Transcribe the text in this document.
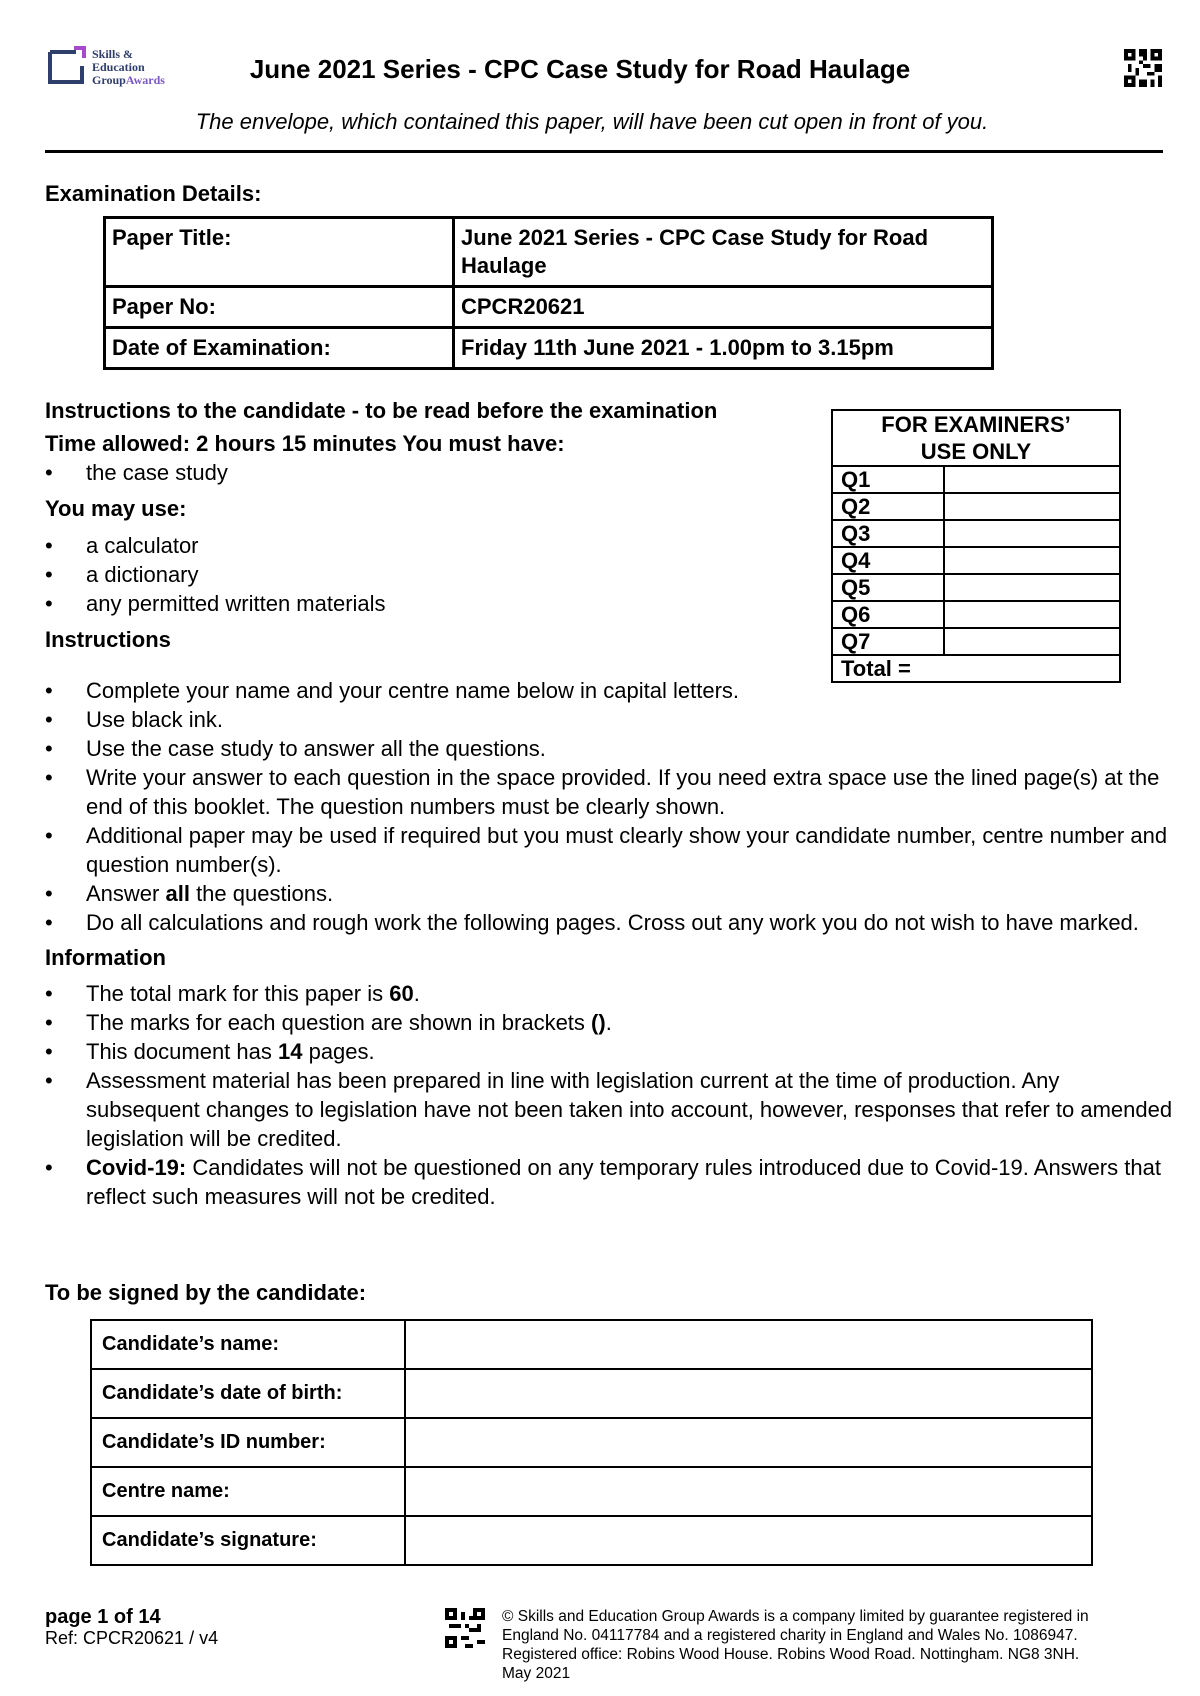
Skills &
Education
GroupAwards	June 2021 Series - CPC Case Study for Road Haulage
The envelope, which contained this paper, will have been cut open in front of you.
Examination Details:
Paper Title:	June 2021 Series - CPC Case Study for Road Haulage
Paper No:	CPCR20621
Date of Examination:	Friday 11th June 2021 - 1.00pm to 3.15pm
Instructions to the candidate - to be read before the examination
Time allowed: 2 hours 15 minutes You must have:
• the case study
You may use:
• a calculator
• a dictionary
• any permitted written materials
Instructions
FOR EXAMINERS’
USE ONLY	

Q1	
Q2	
Q3	
Q4	
Q5	
Q6	
Q7	
Total =	
• Complete your name and your centre name below in capital letters.
• Use black ink.
• Use the case study to answer all the questions.
• Write your answer to each question in the space provided. If you need extra space use the lined page(s) at the end of this booklet. The question numbers must be clearly shown.
• Additional paper may be used if required but you must clearly show your candidate number, centre number and question number(s).
• Answer all the questions.
• Do all calculations and rough work the following pages. Cross out any work you do not wish to have marked.
Information
• The total mark for this paper is 60.
• The marks for each question are shown in brackets ().
• This document has 14 pages.
• Assessment material has been prepared in line with legislation current at the time of production. Any subsequent changes to legislation have not been taken into account, however, responses that refer to amended legislation will be credited.
• Covid-19: Candidates will not be questioned on any temporary rules introduced due to Covid-19. Answers that reflect such measures will not be credited.
To be signed by the candidate:
Candidate’s name:	
Candidate’s date of birth:	
Candidate’s ID number:	
Centre name:	
Candidate’s signature:	
page 1 of 14
Ref: CPCR20621 / v4
© Skills and Education Group Awards is a company limited by guarantee registered in
England No. 04117784 and a registered charity in England and Wales No. 1086947.
Registered office: Robins Wood House. Robins Wood Road. Nottingham. NG8 3NH.
May 2021
